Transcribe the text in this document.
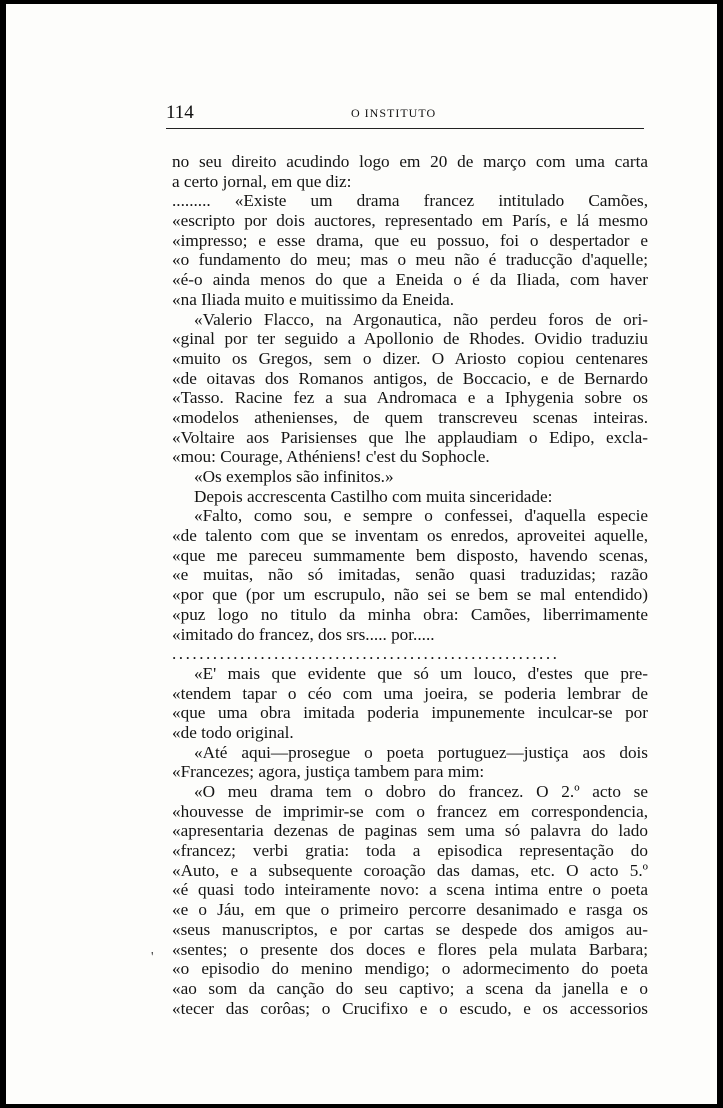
114	O INSTITUTO
no seu direito acudindo logo em 20 de março com uma carta
a certo jornal, em que diz:
......... «Existe um drama francez intitulado Camões,
«escripto por dois auctores, representado em París, e lá mesmo
«impresso; e esse drama, que eu possuo, foi o despertador e
«o fundamento do meu; mas o meu não é traducção d'aquelle;
«é-o ainda menos do que a Eneida o é da Iliada, com haver
«na Iliada muito e muitissimo da Eneida.
«Valerio Flacco, na Argonautica, não perdeu foros de ori-
«ginal por ter seguido a Apollonio de Rhodes. Ovidio traduziu
«muito os Gregos, sem o dizer. O Ariosto copiou centenares
«de oitavas dos Romanos antigos, de Boccacio, e de Bernardo
«Tasso. Racine fez a sua Andromaca e a Iphygenia sobre os
«modelos athenienses, de quem transcreveu scenas inteiras.
«Voltaire aos Parisienses que lhe applaudiam o Edipo, excla-
«mou: Courage, Athéniens! c'est du Sophocle.
«Os exemplos são infinitos.»
Depois accrescenta Castilho com muita sinceridade:
«Falto, como sou, e sempre o confessei, d'aquella especie
«de talento com que se inventam os enredos, aproveitei aquelle,
«que me pareceu summamente bem disposto, havendo scenas,
«e muitas, não só imitadas, senão quasi traduzidas; razão
«por que (por um escrupulo, não sei se bem se mal entendido)
«puz logo no titulo da minha obra: Camões, liberrimamente
«imitado do francez, dos srs..... por.....
.........................................................
«E' mais que evidente que só um louco, d'estes que pre-
«tendem tapar o céo com uma joeira, se poderia lembrar de
«que uma obra imitada poderia impunemente inculcar-se por
«de todo original.
«Até aqui—prosegue o poeta portuguez—justiça aos dois
«Francezes; agora, justiça tambem para mim:
«O meu drama tem o dobro do francez. O 2.º acto se
«houvesse de imprimir-se com o francez em correspondencia,
«apresentaria dezenas de paginas sem uma só palavra do lado
«francez; verbi gratia: toda a episodica representação do
«Auto, e a subsequente coroação das damas, etc. O acto 5.º
«é quasi todo inteiramente novo: a scena intima entre o poeta
«e o Jáu, em que o primeiro percorre desanimado e rasga os
«seus manuscriptos, e por cartas se despede dos amigos au-
«sentes; o presente dos doces e flores pela mulata Barbara;
«o episodio do menino mendigo; o adormecimento do poeta
«ao som da canção do seu captivo; a scena da janella e o
«tecer das corôas; o Crucifixo e o escudo, e os accessorios
'
